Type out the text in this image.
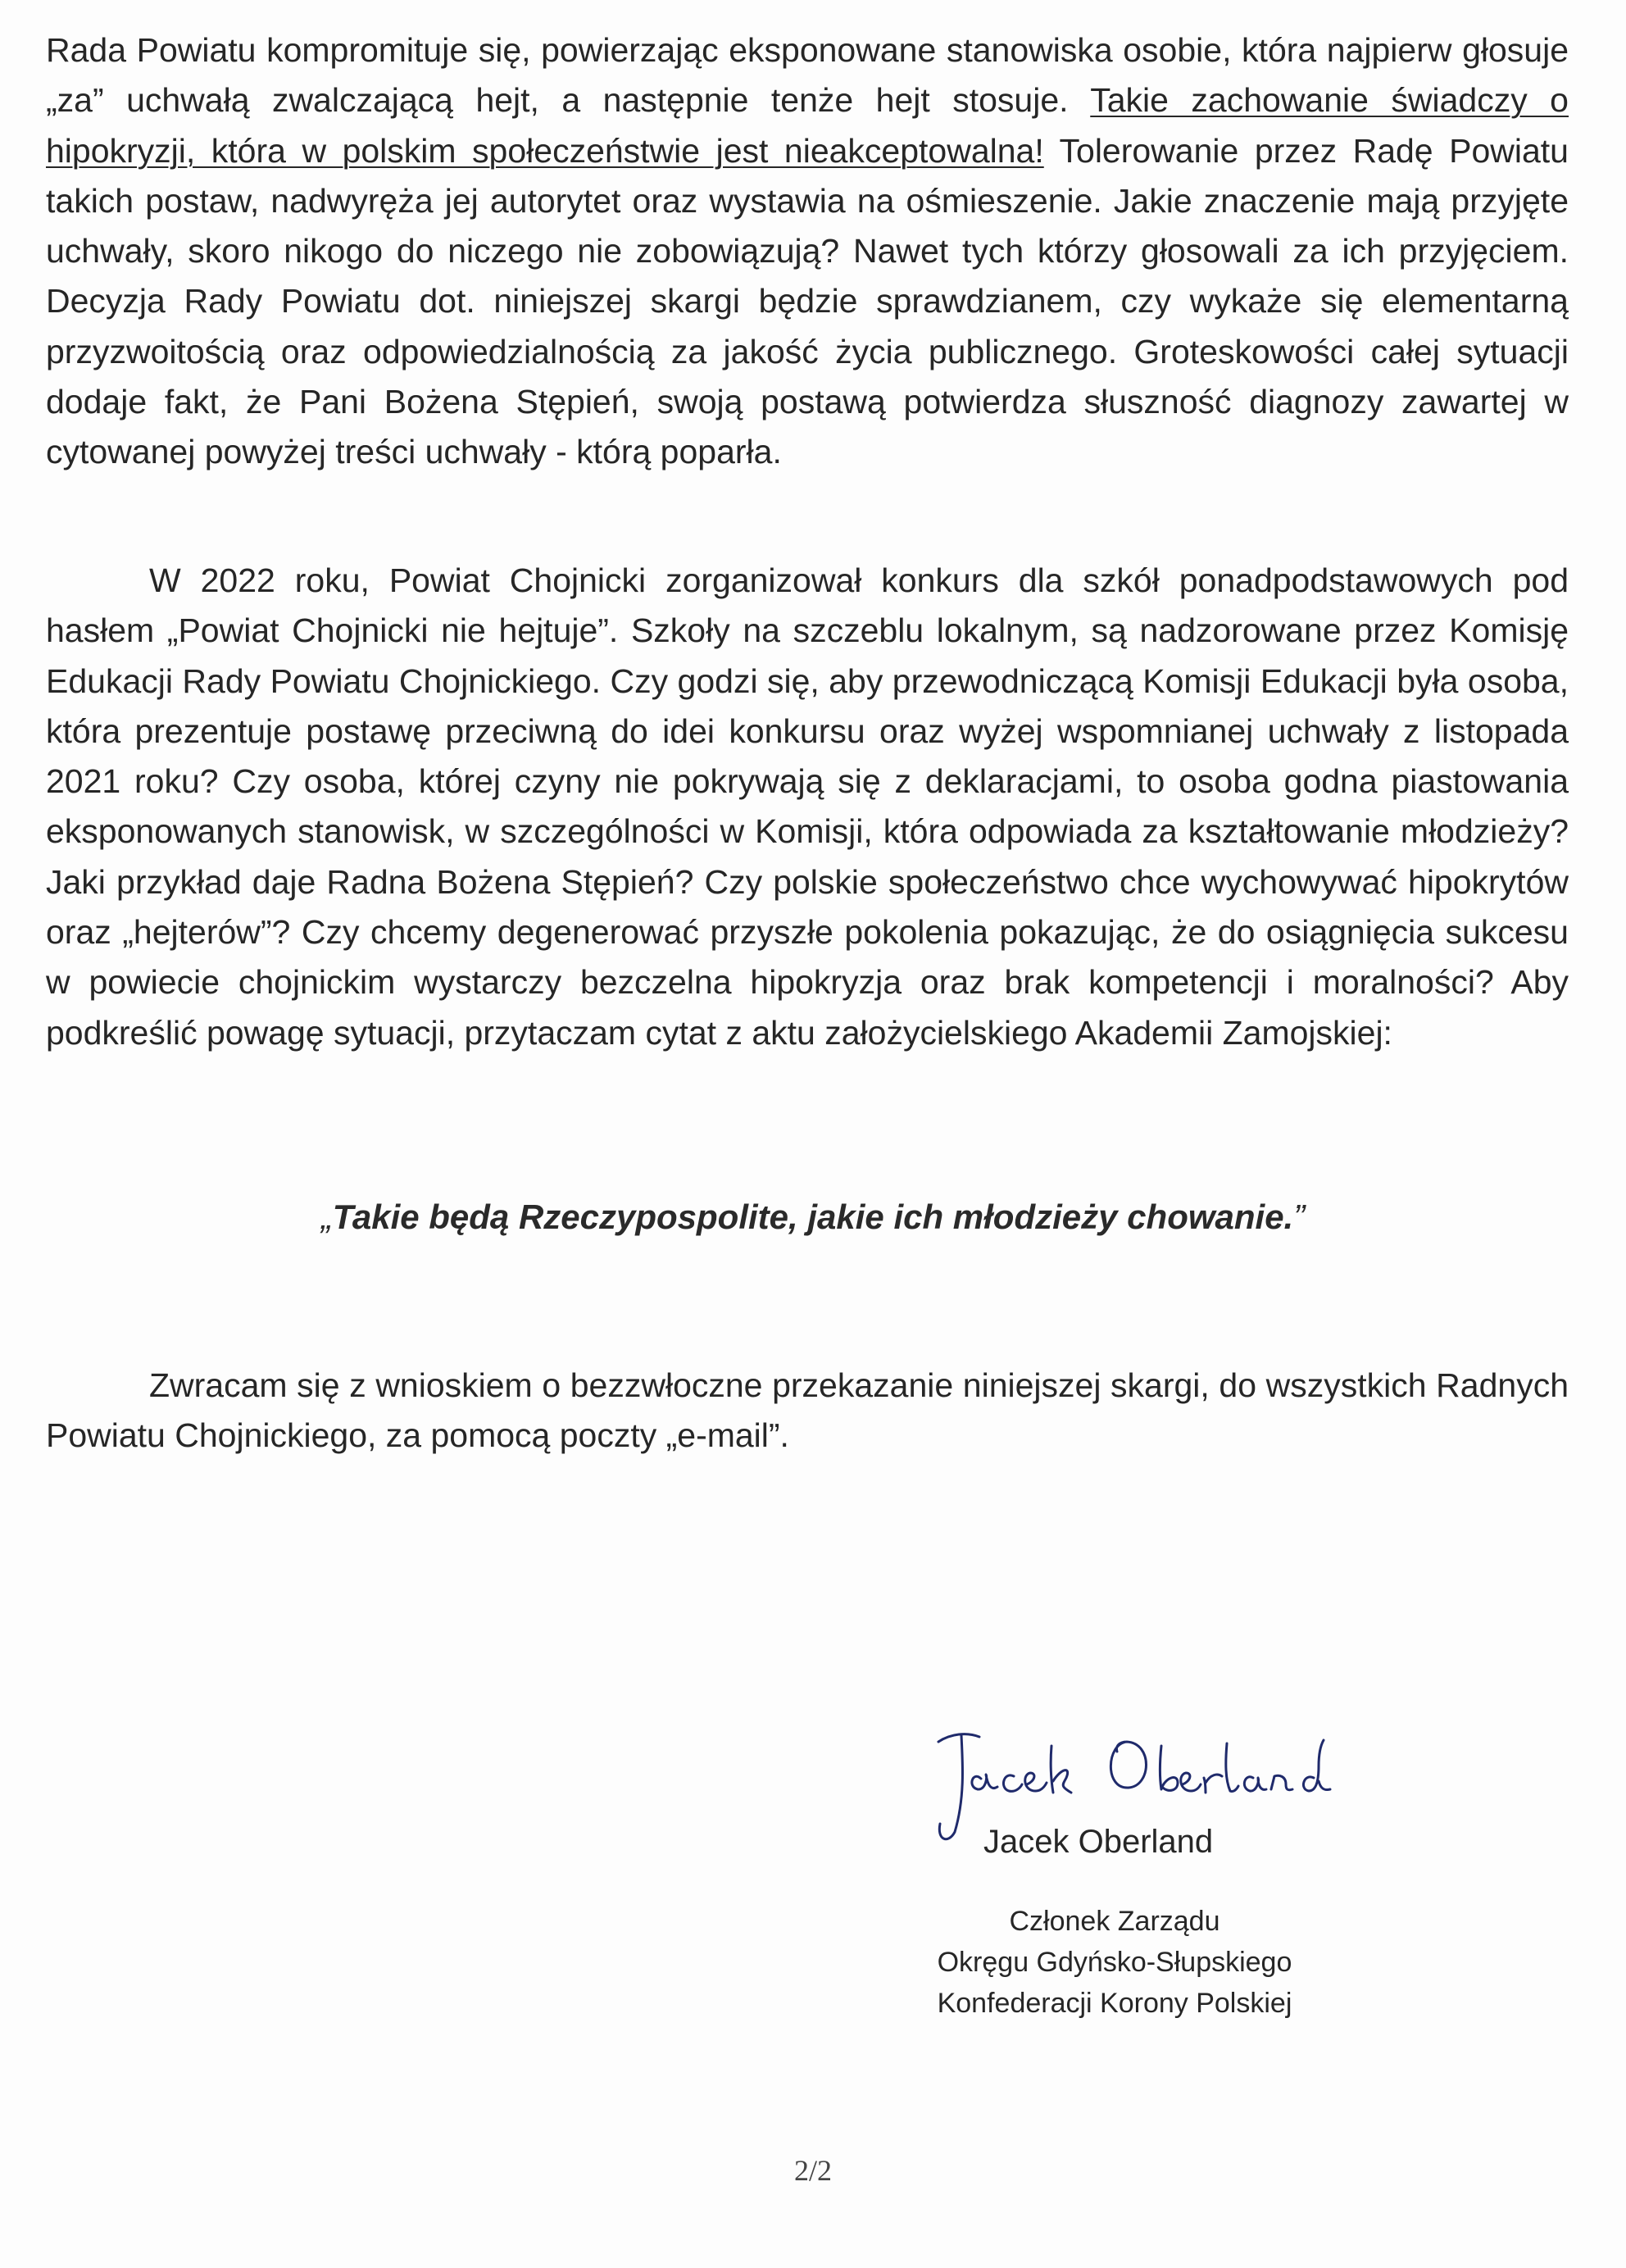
Rada Powiatu kompromituje się, powierzając eksponowane stanowiska osobie, która najpierw głosuje „za” uchwałą zwalczającą hejt, a następnie tenże hejt stosuje. Takie zachowanie świadczy o hipokryzji, która w polskim społeczeństwie jest nieakceptowalna! Tolerowanie przez Radę Powiatu takich postaw, nadwyręża jej autorytet oraz wystawia na ośmieszenie. Jakie znaczenie mają przyjęte uchwały, skoro nikogo do niczego nie zobowiązują? Nawet tych którzy głosowali za ich przyjęciem. Decyzja Rady Powiatu dot. niniejszej skargi będzie sprawdzianem, czy wykaże się elementarną przyzwoitością oraz odpowiedzialnością za jakość życia publicznego. Groteskowości całej sytuacji dodaje fakt, że Pani Bożena Stępień, swoją postawą potwierdza słuszność diagnozy zawartej w cytowanej powyżej treści uchwały - którą poparła.
W 2022 roku, Powiat Chojnicki zorganizował konkurs dla szkół ponadpodstawowych pod hasłem „Powiat Chojnicki nie hejtuje”. Szkoły na szczeblu lokalnym, są nadzorowane przez Komisję Edukacji Rady Powiatu Chojnickiego. Czy godzi się, aby przewodniczącą Komisji Edukacji była osoba, która prezentuje postawę przeciwną do idei konkursu oraz wyżej wspomnianej uchwały z listopada 2021 roku? Czy osoba, której czyny nie pokrywają się z deklaracjami, to osoba godna piastowania eksponowanych stanowisk, w szczególności w Komisji, która odpowiada za kształtowanie młodzieży? Jaki przykład daje Radna Bożena Stępień? Czy polskie społeczeństwo chce wychowywać hipokrytów oraz „hejterów”? Czy chcemy degenerować przyszłe pokolenia pokazując, że do osiągnięcia sukcesu w powiecie chojnickim wystarczy bezczelna hipokryzja oraz brak kompetencji i moralności? Aby podkreślić powagę sytuacji, przytaczam cytat z aktu założycielskiego Akademii Zamojskiej:
„Takie będą Rzeczypospolite, jakie ich młodzieży chowanie.”
Zwracam się z wnioskiem o bezzwłoczne przekazanie niniejszej skargi, do wszystkich Radnych Powiatu Chojnickiego, za pomocą poczty „e-mail”.
Jacek Oberland
Członek Zarządu
Okręgu Gdyńsko-Słupskiego
Konfederacji Korony Polskiej
2/2
